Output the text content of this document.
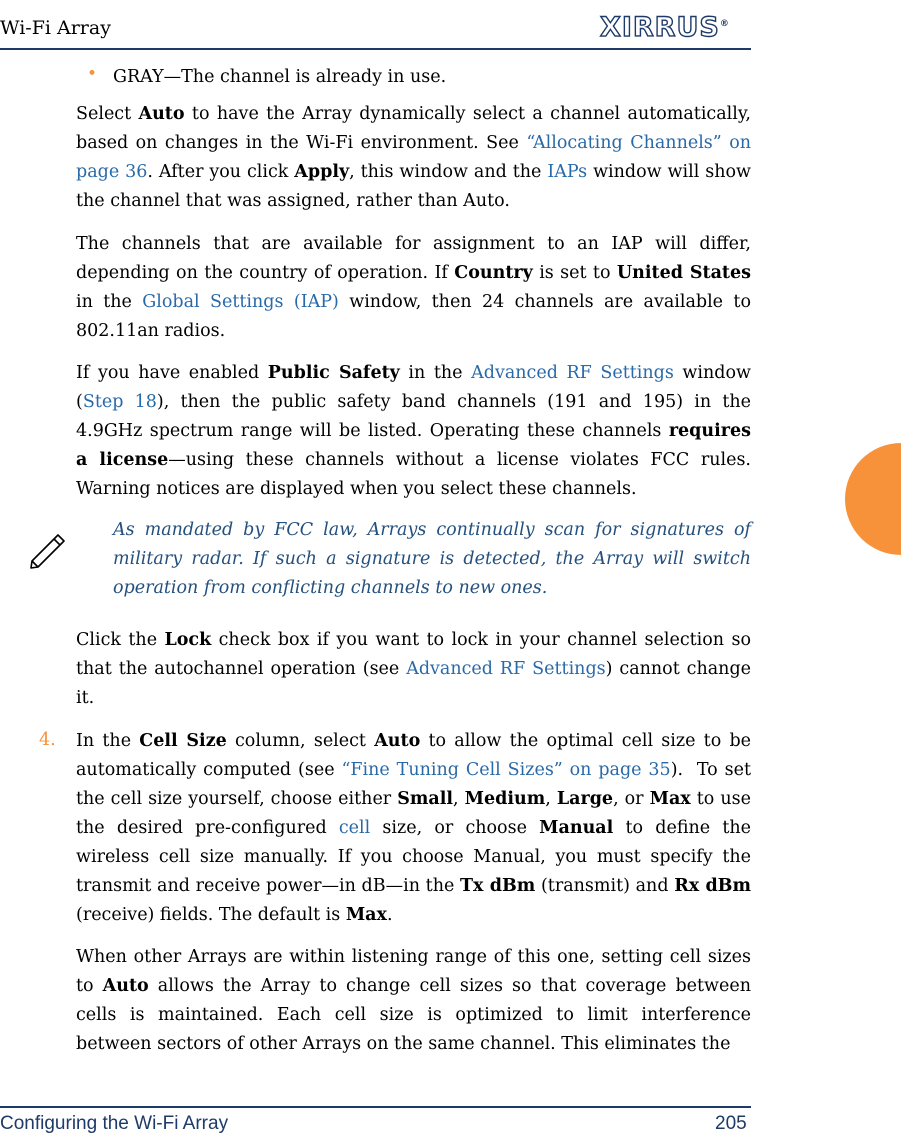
Wi-Fi Array	XIRRUS®
• GRAY—The channel is already in use.
Select Auto to have the Array dynamically select a channel automatically, based on changes in the Wi-Fi environment. See “Allocating Channels” on page 36. After you click Apply, this window and the IAPs window will show the channel that was assigned, rather than Auto.
The channels that are available for assignment to an IAP will differ, depending on the country of operation. If Country is set to United States in the Global Settings (IAP) window, then 24 channels are available to 802.11an radios.
If you have enabled Public Safety in the Advanced RF Settings window (Step 18), then the public safety band channels (191 and 195) in the 4.9GHz spectrum range will be listed. Operating these channels requires a license—using these channels without a license violates FCC rules. Warning notices are displayed when you select these channels.
As mandated by FCC law, Arrays continually scan for signatures of military radar. If such a signature is detected, the Array will switch operation from conflicting channels to new ones.
Click the Lock check box if you want to lock in your channel selection so that the autochannel operation (see Advanced RF Settings) cannot change it.
4. In the Cell Size column, select Auto to allow the optimal cell size to be automatically computed (see “Fine Tuning Cell Sizes” on page 35).  To set the cell size yourself, choose either Small, Medium, Large, or Max to use the desired pre-configured cell size, or choose Manual to define the wireless cell size manually. If you choose Manual, you must specify the transmit and receive power—in dB—in the Tx dBm (transmit) and Rx dBm (receive) fields. The default is Max.
When other Arrays are within listening range of this one, setting cell sizes to Auto allows the Array to change cell sizes so that coverage between cells is maintained. Each cell size is optimized to limit interference between sectors of other Arrays on the same channel. This eliminates the
Configuring the Wi-Fi Array	205
